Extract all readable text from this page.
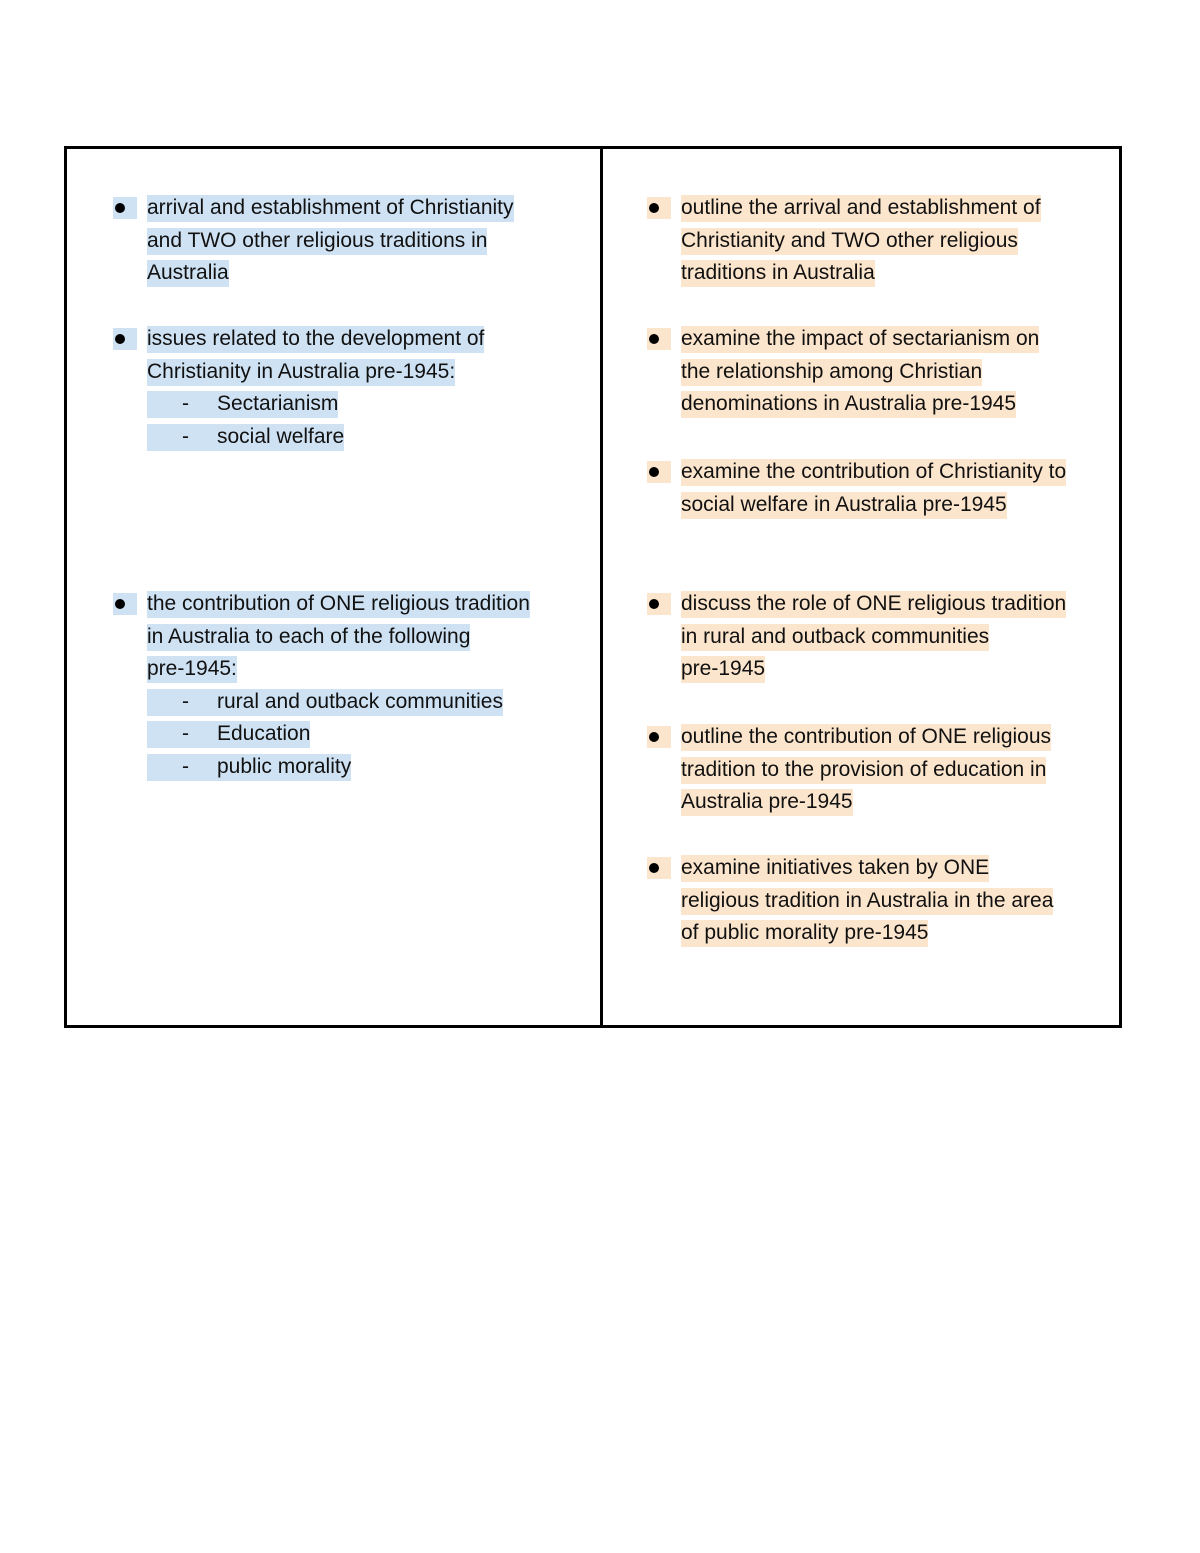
arrival and establishment of Christianity
and TWO other religious traditions in
Australia

issues related to the development of
Christianity in Australia pre-1945:

- Sectarianism
- social welfare

the contribution of ONE religious tradition
in Australia to each of the following
pre-1945:

- rural and outback communities
- Education
- public morality

outline the arrival and establishment of
Christianity and TWO other religious
traditions in Australia

examine the impact of sectarianism on
the relationship among Christian
denominations in Australia pre-1945

examine the contribution of Christianity to
social welfare in Australia pre-1945

discuss the role of ONE religious tradition
in rural and outback communities
pre-1945

outline the contribution of ONE religious
tradition to the provision of education in
Australia pre-1945

examine initiatives taken by ONE
religious tradition in Australia in the area
of public morality pre-1945
